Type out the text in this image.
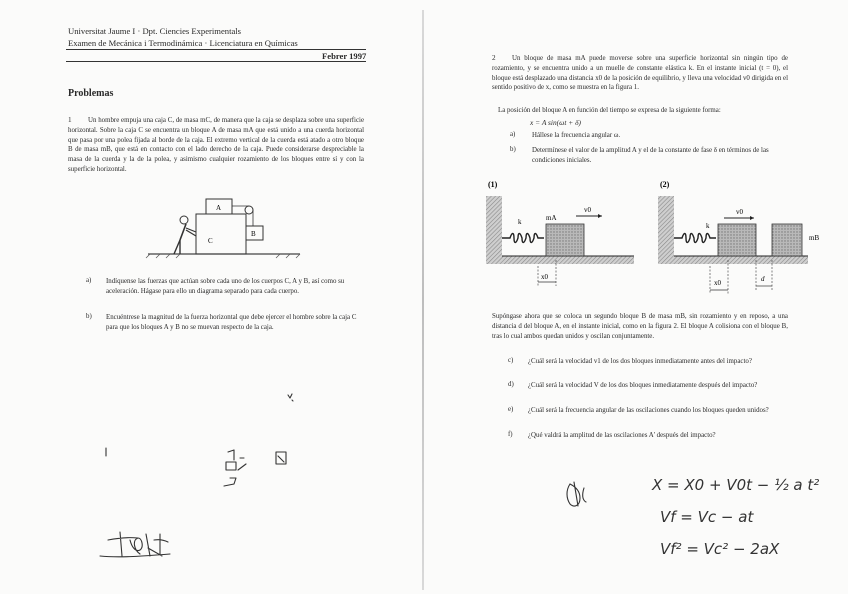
Universitat Jaume I · Dpt. Ciencies Experimentals
Examen de Mecánica i Termodinámica · Licenciatura en Químicas
Febrer 1997
Problemas
1	Un hombre empuja una caja C, de masa mC, de manera que la caja se desplaza sobre una superficie horizontal. Sobre la caja C se encuentra un bloque A de masa mA que está unido a una cuerda horizontal que pasa por una polea fijada al borde de la caja. El extremo vertical de la cuerda está atado a otro bloque B de masa mB, que está en contacto con el lado derecho de la caja. Puede considerarse despreciable la masa de la cuerda y la de la polea, y asimismo cualquier rozamiento de los bloques entre sí y con la superficie horizontal.
A
C
B
a) Indíquense las fuerzas que actúan sobre cada uno de los cuerpos C, A y B, así como su aceleración. Hágase para ello un diagrama separado para cada cuerpo.
b) Encuéntrese la magnitud de la fuerza horizontal que debe ejercer el hombre sobre la caja C para que los bloques A y B no se muevan respecto de la caja.
2	Un bloque de masa mA puede moverse sobre una superficie horizontal sin ningún tipo de rozamiento, y se encuentra unido a un muelle de constante elástica k. En el instante inicial (t = 0), el bloque está desplazado una distancia x0 de la posición de equilibrio, y lleva una velocidad v0 dirigida en el sentido positivo de x, como se muestra en la figura 1.
La posición del bloque A en función del tiempo se expresa de la siguiente forma:
x = A sin(ωt + δ)
a) Hállese la frecuencia angular ω.
b) Determínese el valor de la amplitud A y el de la constante de fase δ en términos de las condiciones iniciales.
(1)
k	mA
v0
x0
(2)
k
mB
v0
x0	d
Supóngase ahora que se coloca un segundo bloque B de masa mB, sin rozamiento y en reposo, a una distancia d del bloque A, en el instante inicial, como en la figura 2. El bloque A colisiona con el bloque B, tras lo cual ambos quedan unidos y oscilan conjuntamente.
c) ¿Cuál será la velocidad v1 de los dos bloques inmediatamente antes del impacto?
d) ¿Cuál será la velocidad V de los dos bloques inmediatamente después del impacto?
e) ¿Cuál será la frecuencia angular de las oscilaciones cuando los bloques queden unidos?
f) ¿Qué valdrá la amplitud de las oscilaciones A' después del impacto?
X = X0 + V0t − ½ a t²
Vf = Vc − at
Vf² = Vc² − 2aX
